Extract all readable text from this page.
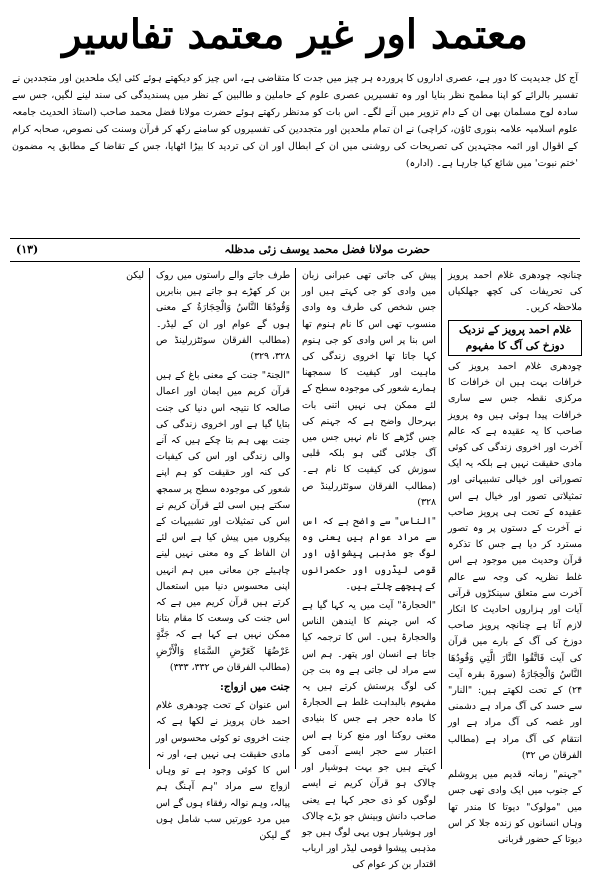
معتمد اور غیر معتمد تفاسیر

آج کل جدیدیت کا دور ہے، عصری اداروں کا پروردہ ہر چیز میں جدت کا متقاضی ہے، اس چیز کو دیکھتے ہوئے کئی ایک ملحدین اور متجددین نے تفسیر بالرائے کو اپنا مطمح نظر بنایا اور وہ تفسیریں عصری علوم کے حاملین و طالبین کے نظر میں پسندیدگی کی سند لینے لگیں، جس سے سادہ لوح مسلمان بھی ان کے دام تزویر میں آنے لگے۔ اس بات کو مدنظر رکھتے ہوئے حضرت مولانا فضل محمد صاحب (استاذ الحدیث جامعہ علوم اسلامیہ علامہ بنوری ٹاؤن، کراچی) نے ان تمام ملحدین اور متجددین کی تفسیروں کو سامنے رکھ کر قرآن وسنت کی نصوص، صحابہ کرام کے اقوال اور ائمہ مجتہدین کی تصریحات کی روشنی میں ان کے ابطال اور ان کی تردید کا بیڑا اٹھایا، جس کے تقاضا کے مطابق یہ مضمون 'ختم نبوت' میں شائع کیا جارہا ہے۔ (ادارہ)

حضرت مولانا فضل محمد یوسف زئی مدظلہ
(۱۳)

چنانچہ چودھری غلام احمد پرویز کی تحریفات کی کچھ جھلکیاں ملاحظہ کریں۔

غلام احمد پرویز کے نزدیک دوزخ کی آگ کا مفہوم

چودھری غلام احمد پرویز کی خرافات بہت ہیں ان خرافات کا مرکزی نقطہ جس سے ساری خرافات پیدا ہوئی ہیں وہ پرویز صاحب کا یہ عقیدہ ہے کہ عالم آخرت اور اخروی زندگی کی کوئی مادی حقیقت نہیں ہے بلکہ یہ ایک تصوراتی اور خیالی تشبیہاتی اور تمثیلاتی تصور اور خیال ہے اس عقیدہ کے تحت ہی پرویز صاحب نے آخرت کے دستوں پر وہ تصور مسترد کر دیا ہے جس کا تذکرہ قرآن وحدیث میں موجود ہے اس غلط نظریہ کی وجہ سے عالم آخرت سے متعلق سینکڑوں قرآنی آیات اور ہزاروں احادیث کا انکار لازم آتا ہے چنانچہ پرویز صاحب دوزخ کی آگ کے بارے میں قرآن کی آیت فَاتَّقُوا النَّارَ الَّتِي وَقُودُهَا النَّاسُ وَالْحِجَارَةُ (سورۃ بقرہ آیت ۲۴) کے تحت لکھتے ہیں: "النار" سے حسد کی آگ مراد ہے دشمنی اور غصہ کی آگ مراد ہے اور انتقام کی آگ مراد ہے (مطالب الفرقان ص ۳۲)

"جہنم" زمانہ قدیم میں یروشلم کے جنوب میں ایک وادی تھی جس میں "مولوک" دیوتا کا مندر تھا وہاں انسانوں کو زندہ جلا کر اس دیوتا کے حضور قربانی

پیش کی جاتی تھی عبرانی زبان میں وادی کو جی کہتے ہیں اور جس شخص کی طرف وہ وادی منسوب تھی اس کا نام ہنوم تھا اس بنا پر اس وادی کو جی ہنوم کہا جاتا تھا اخروی زندگی کی ماہیت اور کیفیت کا سمجھنا ہمارے شعور کی موجودہ سطح کے لئے ممکن ہی نہیں اتنی بات بہرحال واضح ہے کہ جہنم کی جس گڑھے کا نام نہیں جس میں آگ جلائی گئی ہو بلکہ قلبی سوزش کی کیفیت کا نام ہے۔ (مطالب الفرقان سوئٹزرلینڈ ص ۳۲۸)

"الناس" سے واضح ہے کہ اس سے مراد عوام ہیں یعنی وہ لوگ جو مذہبی پیشواؤں اور قومی لیڈروں اور حکمرانوں کے پیچھے چلتے ہیں۔

"الحجارۃ" آیت میں یہ کہا گیا ہے کہ اس جہنم کا ایندھن الناس والحجارۃ ہیں۔ اس کا ترجمہ کیا جاتا ہے انسان اور پتھر۔ ہم اس سے مراد لی جاتی ہے وہ بت جن کی لوگ پرستش کرتے ہیں یہ مفہوم بالبداہت غلط ہے الحجارۃ کا مادہ حجر ہے جس کا بنیادی معنی روکنا اور منع کرنا ہے اس اعتبار سے حجر ایسے آدمی کو کہتے ہیں جو بہت ہوشیار اور چالاک ہو قرآن کریم نے ایسے لوگوں کو ذی حجر کہا ہے یعنی صاحب دانش وبینش جو بڑے چالاک اور ہوشیار ہوں یہی لوگ ہیں جو مذہبی پیشوا قومی لیڈر اور ارباب اقتدار بن کر عوام کی

طرف جاتے والے راستوں میں روک بن کر کھڑے ہو جاتے ہیں بنابریں وَقُودُهَا النَّاسُ وَالْحِجَارَةُ کے معنی ہوں گے عوام اور ان کے لیڈر۔ (مطالب الفرقان سوئٹزرلینڈ ص ۳۲۸، ۳۲۹)

"الجنۃ" جنت کے معنی باغ کے ہیں قرآن کریم میں ایمان اور اعمال صالحہ کا نتیجہ اس دنیا کی جنت بتایا گیا ہے اور اخروی زندگی کی جنت بھی ہم بتا چکے ہیں کہ آنے والی زندگی اور اس کی کیفیات کی کنہ اور حقیقت کو ہم اپنے شعور کی موجودہ سطح پر سمجھ سکتے ہیں اسی لئے قرآن کریم نے اس کی تمثیلات اور تشبیہات کے پیکروں میں پیش کیا ہے اس لئے ان الفاظ کے وہ معنی نہیں لینے چاہیئے جن معانی میں ہم انہیں اپنی محسوس دنیا میں استعمال کرتے ہیں قرآن کریم میں ہے کہ اس جنت کی وسعت کا مقام بتانا ممکن نہیں ہے کہا ہے کہ جَنَّةٍ عَرْضُهَا كَعَرْضِ السَّمَاءِ وَالْأَرْضِ (مطالب الفرقان ص ۳۳۲، ۳۳۳)

جنت میں ازواج:

اس عنوان کے تحت چودھری غلام احمد خان پرویز نے لکھا ہے کہ جنت اخروی تو کوئی محسوس اور مادی حقیقت ہی نہیں ہے، اور نہ اس کا کوئی وجود ہے تو وہاں ازواج سے مراد "ہم آہنگ ہم پیالہ، وہم نوالہ رفقاء ہوں گے اس میں مرد عورتیں سب شامل ہوں گے لیکن

لیکن
